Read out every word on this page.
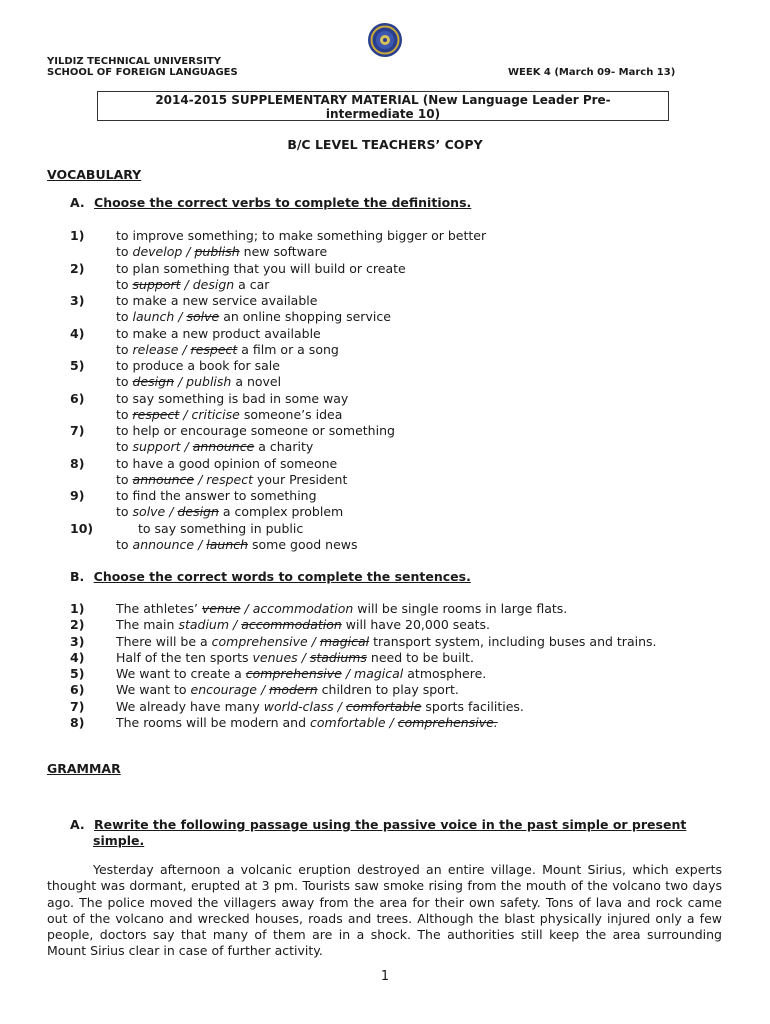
YILDIZ TECHNICAL UNIVERSITY
SCHOOL OF FOREIGN LANGUAGES	WEEK 4 (March 09- March 13)
2014-2015 SUPPLEMENTARY MATERIAL (New Language Leader Pre-
intermediate 10)
B/C LEVEL TEACHERS’ COPY
VOCABULARY
A. Choose the correct verbs to complete the definitions.
1)	to improve something; to make something bigger or better
to develop / publish new software
2)	to plan something that you will build or create
to support / design a car
3)	to make a new service available
to launch / solve an online shopping service
4)	to make a new product available
to release / respect a film or a song
5)	to produce a book for sale
to design / publish a novel
6)	to say something is bad in some way
to respect / criticise someone’s idea
7)	to help or encourage someone or something
to support / announce a charity
8)	to have a good opinion of someone
to announce / respect your President
9)	to find the answer to something
to solve / design a complex problem
10)	to say something in public
to announce / launch some good news
B. Choose the correct words to complete the sentences.
1)	The athletes’ venue / accommodation will be single rooms in large flats.
2)	The main stadium / accommodation will have 20,000 seats.
3)	There will be a comprehensive / magical transport system, including buses and trains.
4)	Half of the ten sports venues / stadiums need to be built.
5)	We want to create a comprehensive / magical atmosphere.
6)	We want to encourage / modern children to play sport.
7)	We already have many world-class / comfortable sports facilities.
8)	The rooms will be modern and comfortable / comprehensive.
GRAMMAR
A. Rewrite the following passage using the passive voice in the past simple or present
simple.
Yesterday afternoon a volcanic eruption destroyed an entire village. Mount Sirius, which experts thought was dormant, erupted at 3 pm. Tourists saw smoke rising from the mouth of the volcano two days ago. The police moved the villagers away from the area for their own safety. Tons of lava and rock came out of the volcano and wrecked houses, roads and trees. Although the blast physically injured only a few people, doctors say that many of them are in a shock. The authorities still keep the area surrounding Mount Sirius clear in case of further activity.
1
